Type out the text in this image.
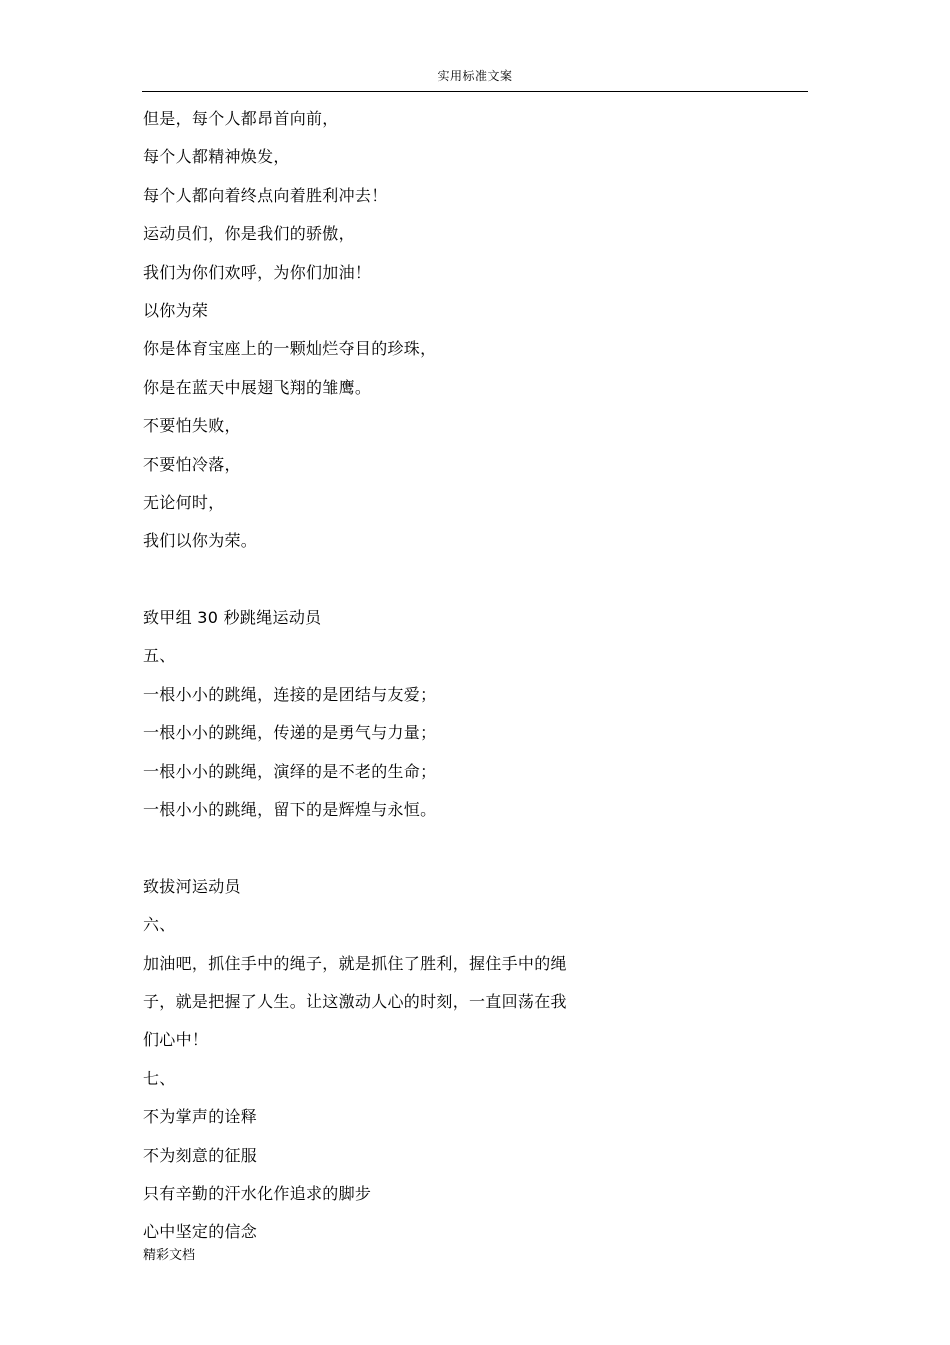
实用标准文案
但是，每个人都昂首向前，
每个人都精神焕发，
每个人都向着终点向着胜利冲去！
运动员们，你是我们的骄傲，
我们为你们欢呼，为你们加油！
以你为荣
你是体育宝座上的一颗灿烂夺目的珍珠，
你是在蓝天中展翅飞翔的雏鹰。
不要怕失败，
不要怕冷落，
无论何时，
我们以你为荣。
致甲组 30 秒跳绳运动员
五、
一根小小的跳绳，连接的是团结与友爱；
一根小小的跳绳，传递的是勇气与力量；
一根小小的跳绳，演绎的是不老的生命；
一根小小的跳绳，留下的是辉煌与永恒。
致拔河运动员
六、
加油吧，抓住手中的绳子，就是抓住了胜利，握住手中的绳
子，就是把握了人生。让这激动人心的时刻，一直回荡在我
们心中！
七、
不为掌声的诠释
不为刻意的征服
只有辛勤的汗水化作追求的脚步
心中坚定的信念
精彩文档
